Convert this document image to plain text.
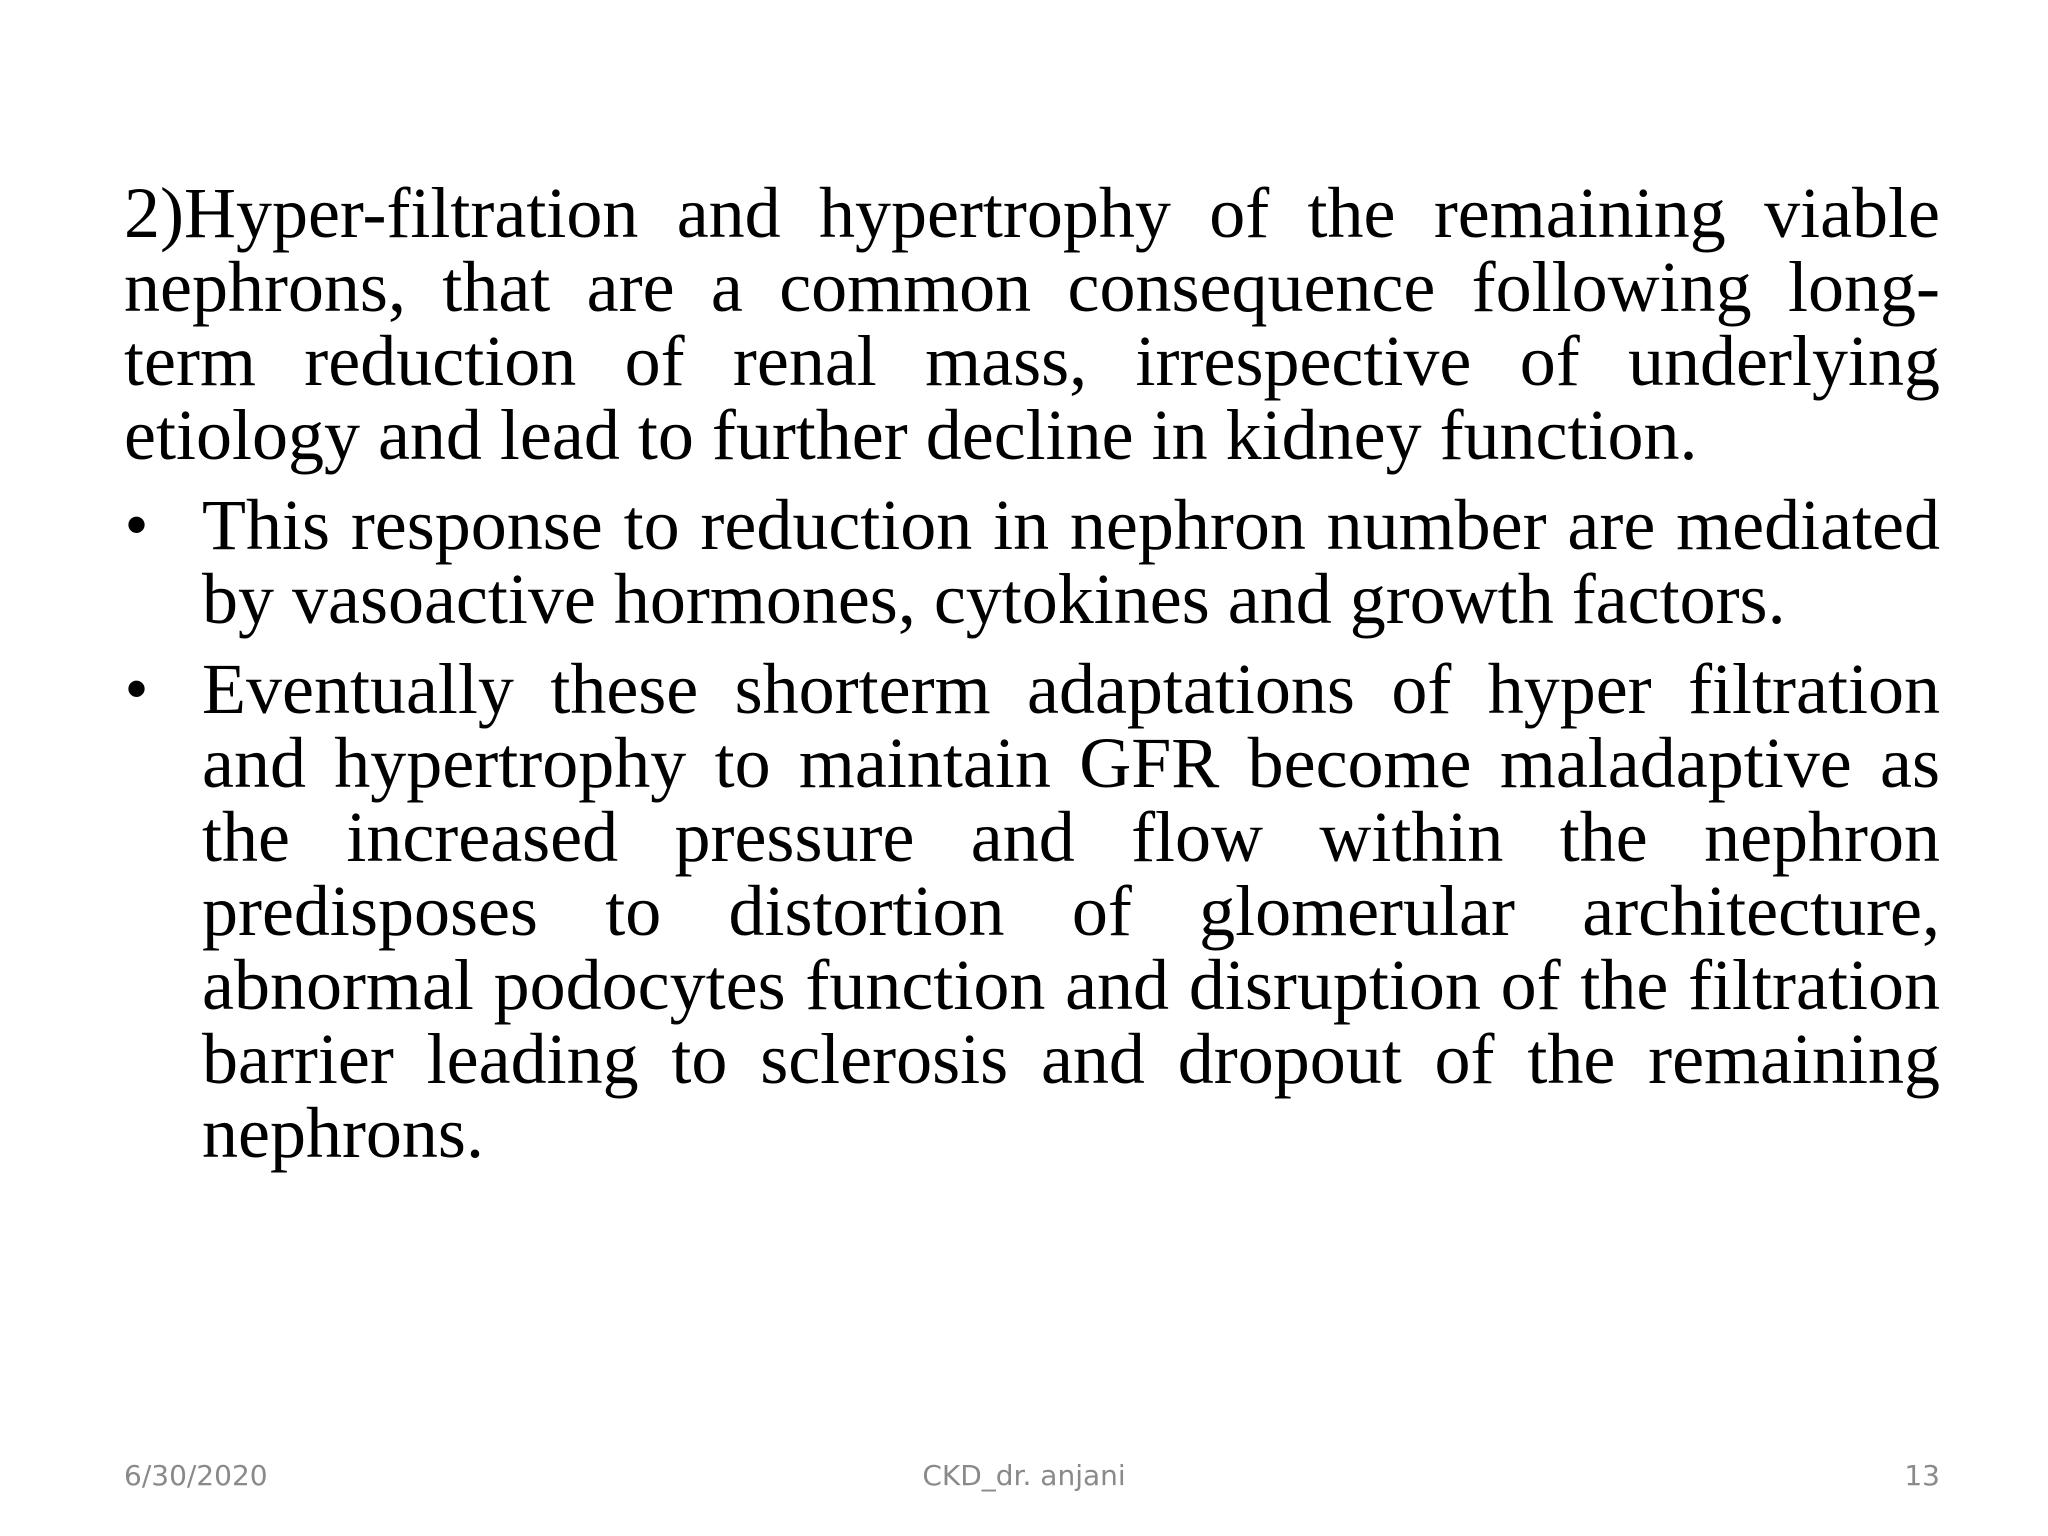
2)Hyper-filtration and hypertrophy of the remaining viable nephrons, that are a common consequence following long-term reduction of renal mass, irrespective of underlying etiology and lead to further decline in kidney function.

• This response to reduction in nephron number are mediated by vasoactive hormones, cytokines and growth factors.
• Eventually these shorterm adaptations of hyper filtration and hypertrophy to maintain GFR become maladaptive as the increased pressure and flow within the nephron predisposes to distortion of glomerular architecture, abnormal podocytes function and disruption of the filtration barrier leading to sclerosis and dropout of the remaining nephrons.
6/30/2020	CKD_dr. anjani	13
